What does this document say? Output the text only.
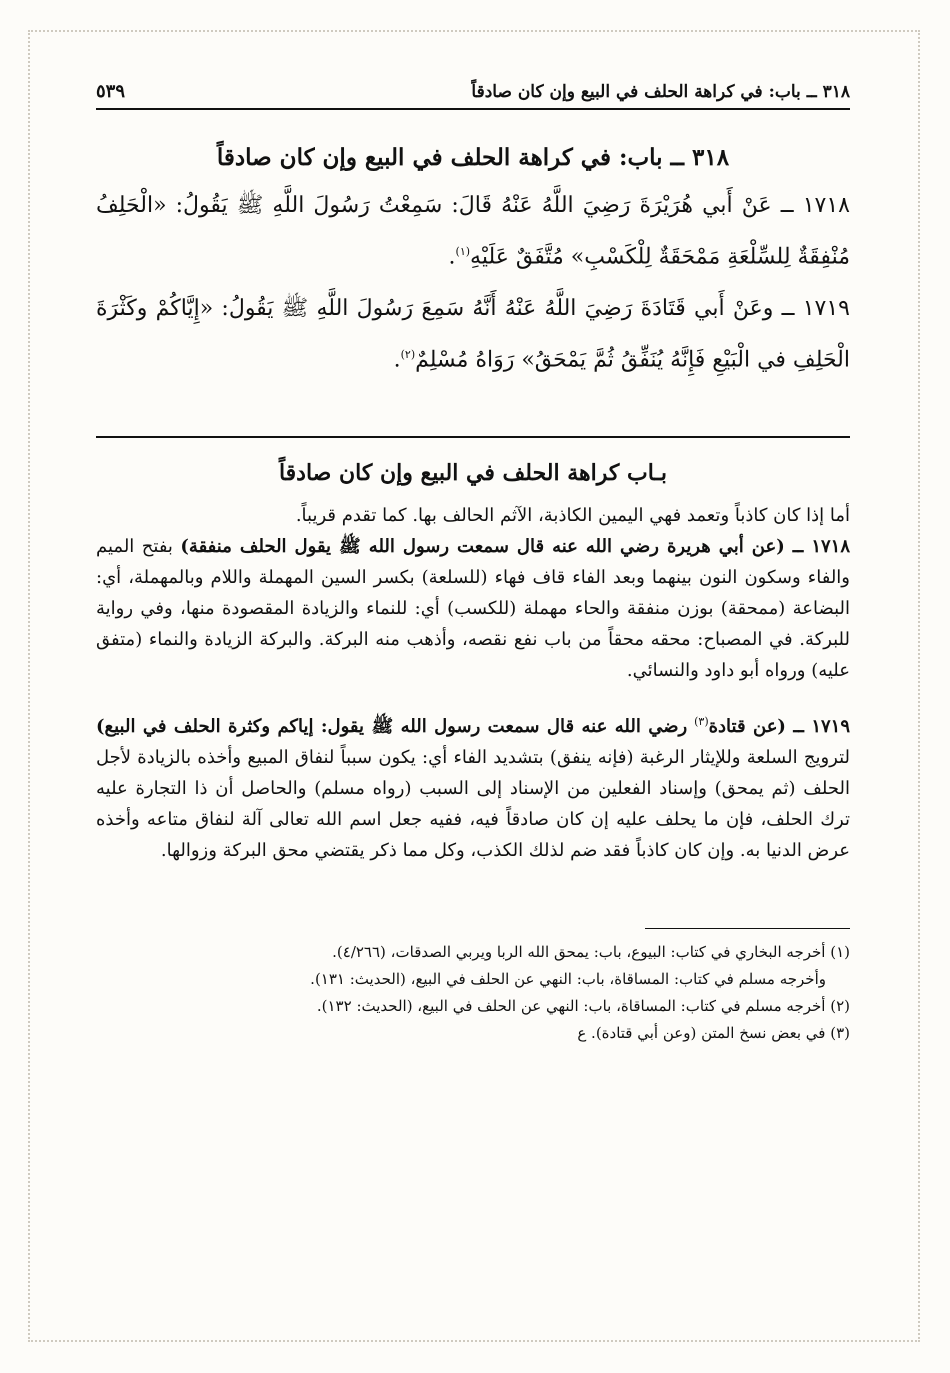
٣١٨ ــ باب: في كراهة الحلف في البيع وإن كان صادقاً
٥٣٩
٣١٨ ــ باب: في كراهة الحلف في البيع وإن كان صادقاً

١٧١٨ ــ عَنْ أَبي هُرَيْرَةَ رَضِيَ اللَّهُ عَنْهُ قَالَ: سَمِعْتُ رَسُولَ اللَّهِ ﷺ يَقُولُ: «الْحَلِفُ مُنْفِقَةٌ لِلسِّلْعَةِ مَمْحَقَةٌ لِلْكَسْبِ» مُتَّفَقٌ عَلَيْهِ$^{(١)}$.

١٧١٩ ــ وعَنْ أَبي قَتَادَةَ رَضِيَ اللَّهُ عَنْهُ أَنَّهُ سَمِعَ رَسُولَ اللَّهِ ﷺ يَقُولُ: «إِيَّاكُمْ وكَثْرَةَ الْحَلِفِ في الْبَيْعِ فَإِنَّهُ يُنَفِّقُ ثُمَّ يَمْحَقُ» رَوَاهُ مُسْلِمٌ$^{(٢)}$.

بـاب كراهة الحلف في البيع وإن كان صادقاً

أما إذا كان كاذباً وتعمد فهي اليمين الكاذبة، الآثم الحالف بها. كما تقدم قريباً.

١٧١٨ ــ (عن أبي هريرة رضي الله عنه قال سمعت رسول الله ﷺ يقول الحلف منفقة) بفتح الميم والفاء وسكون النون بينهما وبعد الفاء قاف فهاء (للسلعة) بكسر السين المهملة واللام وبالمهملة، أي: البضاعة (ممحقة) بوزن منفقة والحاء مهملة (للكسب) أي: للنماء والزيادة المقصودة منها، وفي رواية للبركة. في المصباح: محقه محقاً من باب نفع نقصه، وأذهب منه البركة. والبركة الزيادة والنماء (متفق عليه) ورواه أبو داود والنسائي.

١٧١٩ ــ (عن قتادة$^{(٣)}$ رضي الله عنه قال سمعت رسول الله ﷺ يقول: إياكم وكثرة الحلف في البيع) لترويج السلعة وللإيثار الرغبة (فإنه ينفق) بتشديد الفاء أي: يكون سبباً لنفاق المبيع وأخذه بالزيادة لأجل الحلف (ثم يمحق) وإسناد الفعلين من الإسناد إلى السبب (رواه مسلم) والحاصل أن ذا التجارة عليه ترك الحلف، فإن ما يحلف عليه إن كان صادقاً فيه، ففيه جعل اسم الله تعالى آلة لنفاق متاعه وأخذه عرض الدنيا به. وإن كان كاذباً فقد ضم لذلك الكذب، وكل مما ذكر يقتضي محق البركة وزوالها.

(١) أخرجه البخاري في كتاب: البيوع، باب: يمحق الله الربا ويربي الصدقات، (٤/٢٦٦).

وأخرجه مسلم في كتاب: المساقاة، باب: النهي عن الحلف في البيع، (الحديث: ١٣١).

(٢) أخرجه مسلم في كتاب: المساقاة، باب: النهي عن الحلف في البيع، (الحديث: ١٣٢).

(٣) في بعض نسخ المتن (وعن أبي قتادة). ع
